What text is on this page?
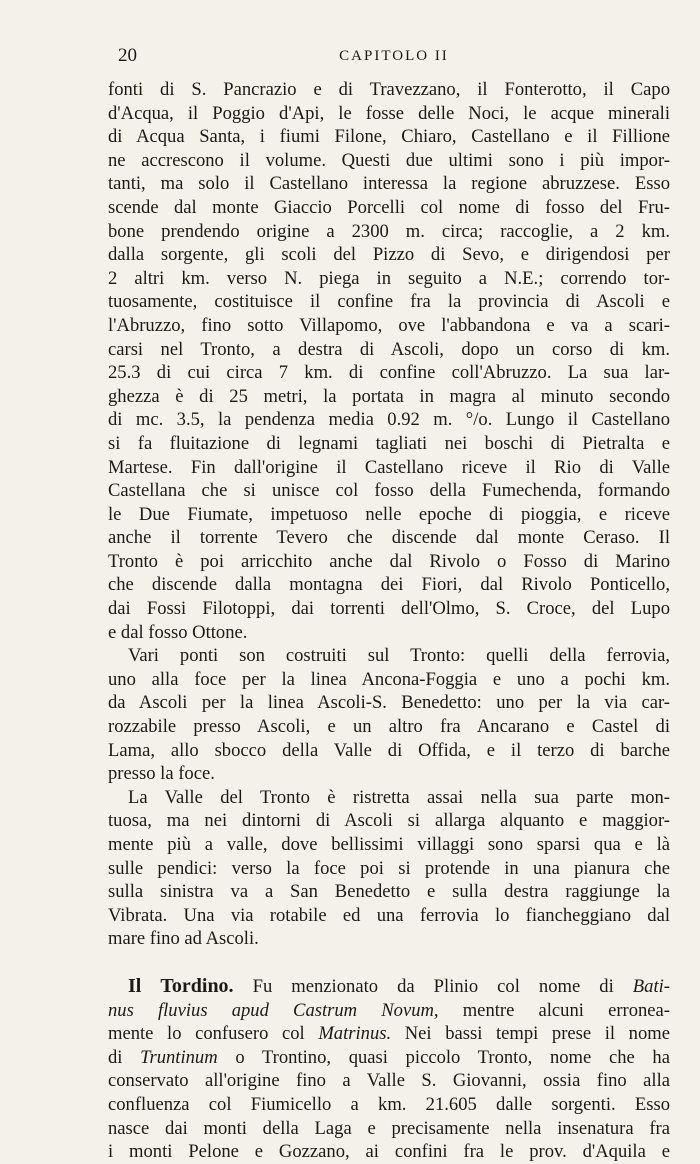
20	CAPITOLO II
fonti di S. Pancrazio e di Travezzano, il Fonterotto, il Capo
d'Acqua, il Poggio d'Api, le fosse delle Noci, le acque minerali
di Acqua Santa, i fiumi Filone, Chiaro, Castellano e il Fillione
ne accrescono il volume. Questi due ultimi sono i più impor-
tanti, ma solo il Castellano interessa la regione abruzzese. Esso
scende dal monte Giaccio Porcelli col nome di fosso del Fru-
bone prendendo origine a 2300 m. circa; raccoglie, a 2 km.
dalla sorgente, gli scoli del Pizzo di Sevo, e dirigendosi per
2 altri km. verso N. piega in seguito a N.E.; correndo tor-
tuosamente, costituisce il confine fra la provincia di Ascoli e
l'Abruzzo, fino sotto Villapomo, ove l'abbandona e va a scari-
carsi nel Tronto, a destra di Ascoli, dopo un corso di km.
25.3 di cui circa 7 km. di confine coll'Abruzzo. La sua lar-
ghezza è di 25 metri, la portata in magra al minuto secondo
di mc. 3.5, la pendenza media 0.92 m. °/o. Lungo il Castellano
si fa fluitazione di legnami tagliati nei boschi di Pietralta e
Martese. Fin dall'origine il Castellano riceve il Rio di Valle
Castellana che si unisce col fosso della Fumechenda, formando
le Due Fiumate, impetuoso nelle epoche di pioggia, e riceve
anche il torrente Tevero che discende dal monte Ceraso. Il
Tronto è poi arricchito anche dal Rivolo o Fosso di Marino
che discende dalla montagna dei Fiori, dal Rivolo Ponticello,
dai Fossi Filotoppi, dai torrenti dell'Olmo, S. Croce, del Lupo
e dal fosso Ottone.
Vari ponti son costruiti sul Tronto: quelli della ferrovia,
uno alla foce per la linea Ancona-Foggia e uno a pochi km.
da Ascoli per la linea Ascoli-S. Benedetto: uno per la via car-
rozzabile presso Ascoli, e un altro fra Ancarano e Castel di
Lama, allo sbocco della Valle di Offida, e il terzo di barche
presso la foce.
La Valle del Tronto è ristretta assai nella sua parte mon-
tuosa, ma nei dintorni di Ascoli si allarga alquanto e maggior-
mente più a valle, dove bellissimi villaggi sono sparsi qua e là
sulle pendici: verso la foce poi si protende in una pianura che
sulla sinistra va a San Benedetto e sulla destra raggiunge la
Vibrata. Una via rotabile ed una ferrovia lo fiancheggiano dal
mare fino ad Ascoli.
Il Tordino. Fu menzionato da Plinio col nome di Bati-
nus fluvius apud Castrum Novum, mentre alcuni erronea-
mente lo confusero col Matrinus. Nei bassi tempi prese il nome
di Truntinum o Trontino, quasi piccolo Tronto, nome che ha
conservato all'origine fino a Valle S. Giovanni, ossia fino alla
confluenza col Fiumicello a km. 21.605 dalle sorgenti. Esso
nasce dai monti della Laga e precisamente nella insenatura fra
i monti Pelone e Gozzano, ai confini fra le prov. d'Aquila e
